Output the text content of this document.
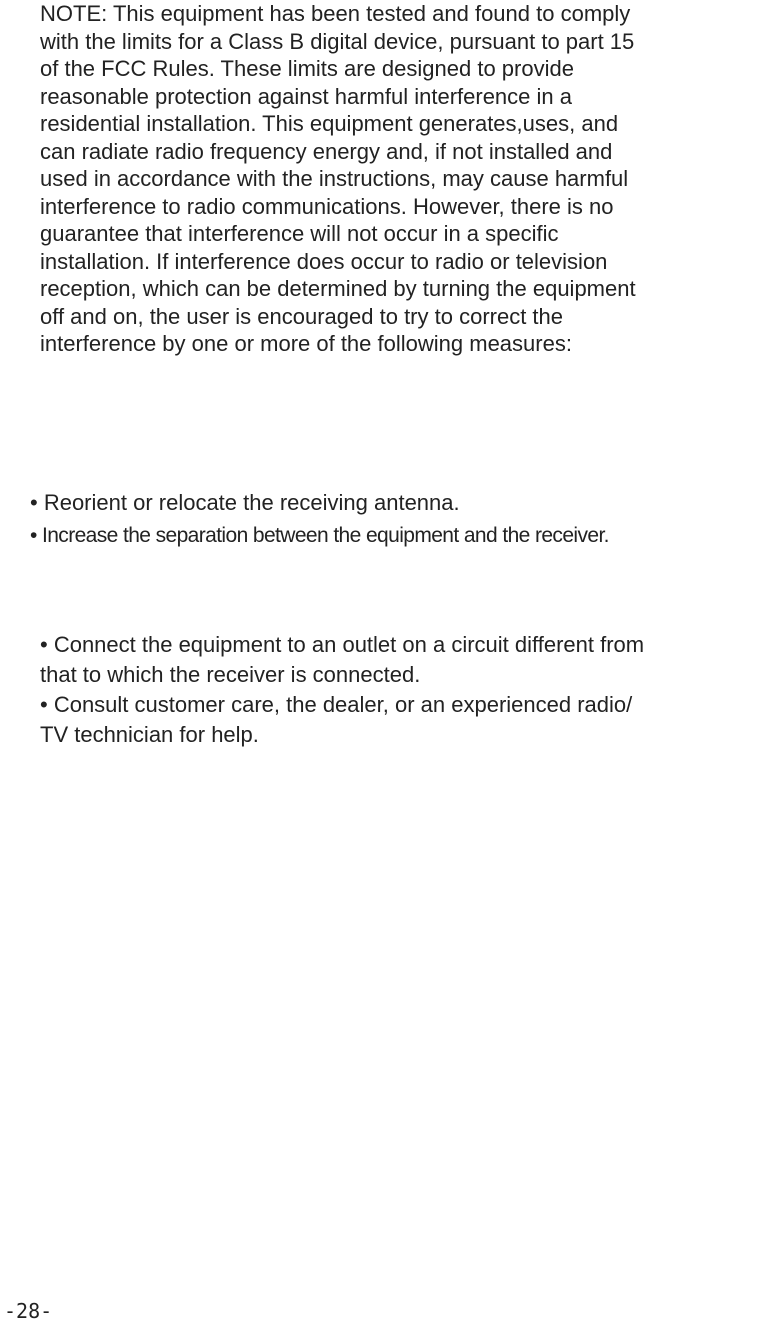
NOTE: This equipment has been tested and found to comply

with the limits for a Class B digital device, pursuant to part 15

of the FCC Rules. These limits are designed to provide

reasonable protection against harmful interference in a

residential installation. This equipment generates,uses, and

can radiate radio frequency energy and, if not installed and

used in accordance with the instructions, may cause harmful

interference to radio communications. However, there is no

guarantee that interference will not occur in a specific

installation. If interference does occur to radio or television

reception, which can be determined by turning the equipment

off and on, the user is encouraged to try to correct the

interference by one or more of the following measures:

• Reorient or relocate the receiving antenna.

• Increase the separation between the equipment and the receiver.

• Connect the equipment to an outlet on a circuit different from

that to which the receiver is connected.

• Consult customer care, the dealer, or an experienced radio/

TV technician for help.

-28-
